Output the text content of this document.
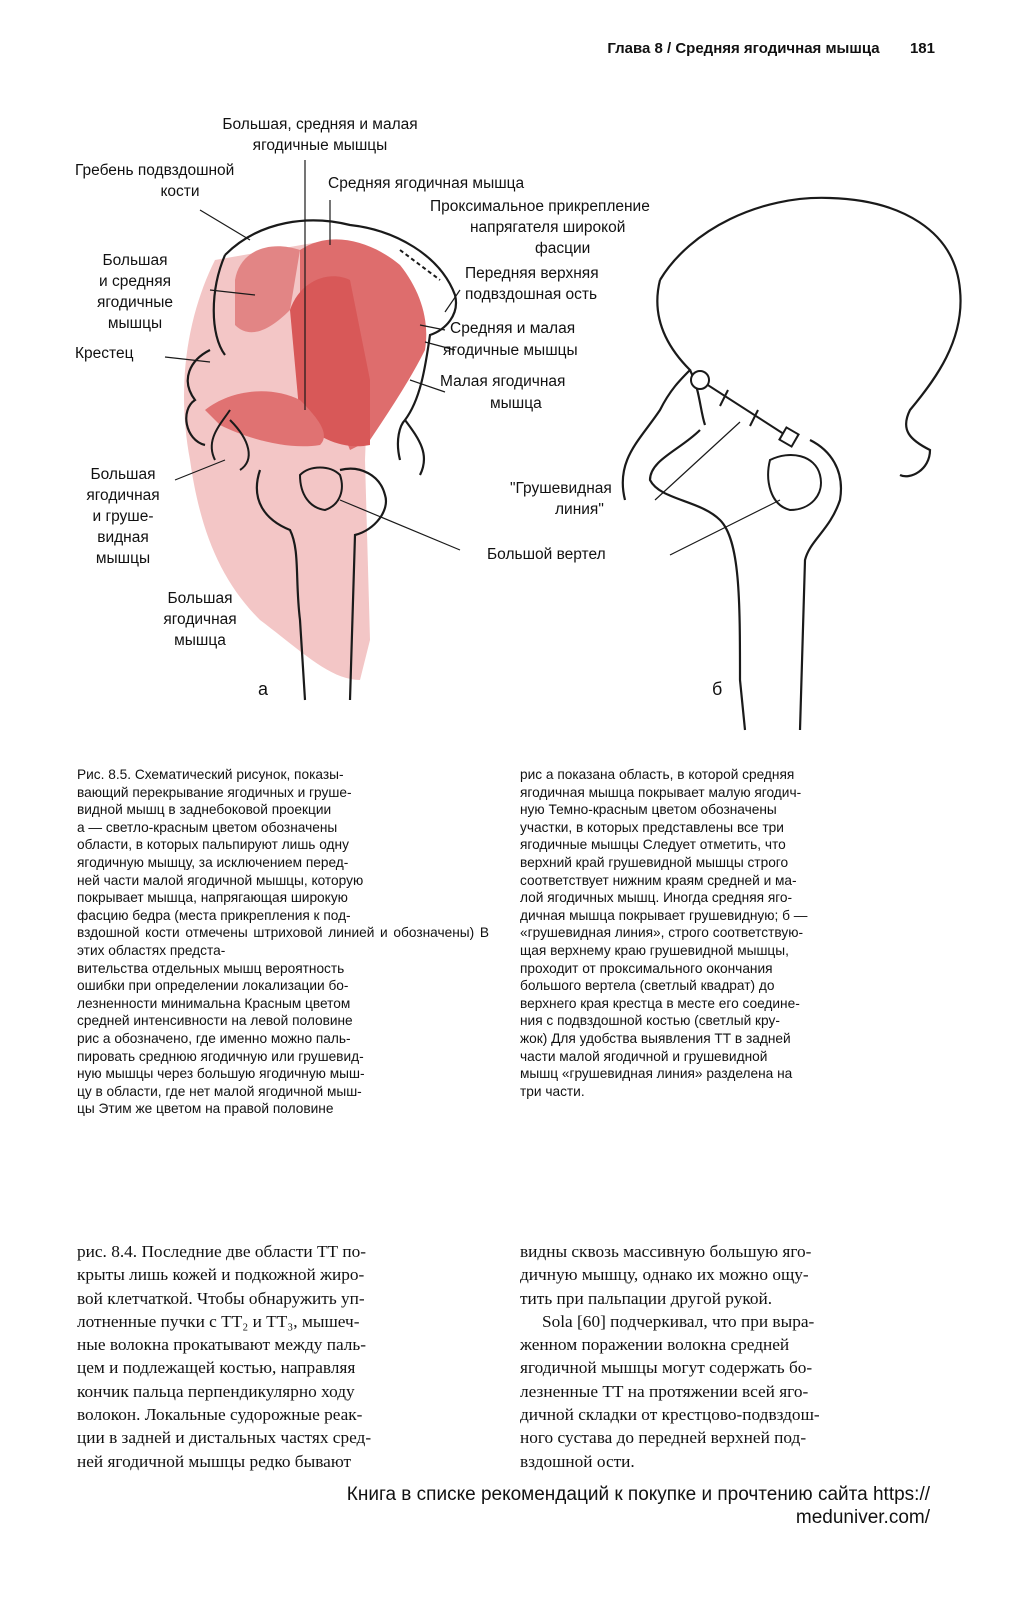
Глава 8 / Средняя ягодичная мышца 181
Большая, средняя и малая
ягодичные мышцы
Гребень подвздошной
кости	Средняя ягодичная мышца
Проксимальное прикрепление
напрягателя широкой
фасции
Большая
и средняя
ягодичные
мышцы
Передняя верхняя
подвздошная ость
Крестец
Средняя и малая
ягодичные мышцы
Малая ягодичная
мышца
Большая
ягодичная
и груше-
видная
мышцы
Большая
ягодичная
мышца
а
"Грушевидная
линия"
Большой вертел
б

Рис. 8.5. Схематический рисунок, показы-

вающий перекрывание ягодичных и груше-

видной мышц в заднебоковой проекции

а — светло-красным цветом обозначены

области, в которых пальпируют лишь одну

ягодичную мышцу, за исключением перед-

ней части малой ягодичной мышцы, которую

покрывает мышца, напрягающая широкую

фасцию бедра (места прикрепления к под-

вздошной кости отмечены штриховой линией и обозначены) В этих областях предста-

вительства отдельных мышц вероятность

ошибки при определении локализации бо-

лезненности минимальна Красным цветом

средней интенсивности на левой половине

рис а обозначено, где именно можно паль-

пировать среднюю ягодичную или грушевид-

ную мышцы через большую ягодичную мыш-

цу в области, где нет малой ягодичной мыш-

цы Этим же цветом на правой половине

рис а показана область, в которой средняя

ягодичная мышца покрывает малую ягодич-

ную Темно-красным цветом обозначены

участки, в которых представлены все три

ягодичные мышцы Следует отметить, что

верхний край грушевидной мышцы строго

соответствует нижним краям средней и ма-

лой ягодичных мышц. Иногда средняя яго-

дичная мышца покрывает грушевидную; б —

«грушевидная линия», строго соответствую-

щая верхнему краю грушевидной мышцы,

проходит от проксимального окончания

большого вертела (светлый квадрат) до

верхнего края крестца в месте его соедине-

ния с подвздошной костью (светлый кру-

жок) Для удобства выявления ТТ в задней

части малой ягодичной и грушевидной

мышц «грушевидная линия» разделена на

три части.

рис. 8.4. Последние две области ТТ по-

крыты лишь кожей и подкожной жиро-

вой клетчаткой. Чтобы обнаружить уп-

лотненные пучки с ТТ₂ и ТТ₃, мышеч-

ные волокна прокатывают между паль-

цем и подлежащей костью, направляя

кончик пальца перпендикулярно ходу

волокон. Локальные судорожные реак-

ции в задней и дистальных частях сред-

ней ягодичной мышцы редко бывают

видны сквозь массивную большую яго-

дичную мышцу, однако их можно ощу-

тить при пальпации другой рукой.

Sola [60] подчеркивал, что при выра-

женном поражении волокна средней

ягодичной мышцы могут содержать бо-

лезненные ТТ на протяжении всей яго-

дичной складки от крестцово-подвздош-

ного сустава до передней верхней под-

вздошной ости.

Книга в списке рекомендаций к покупке и прочтению сайта https://
meduniver.com/
